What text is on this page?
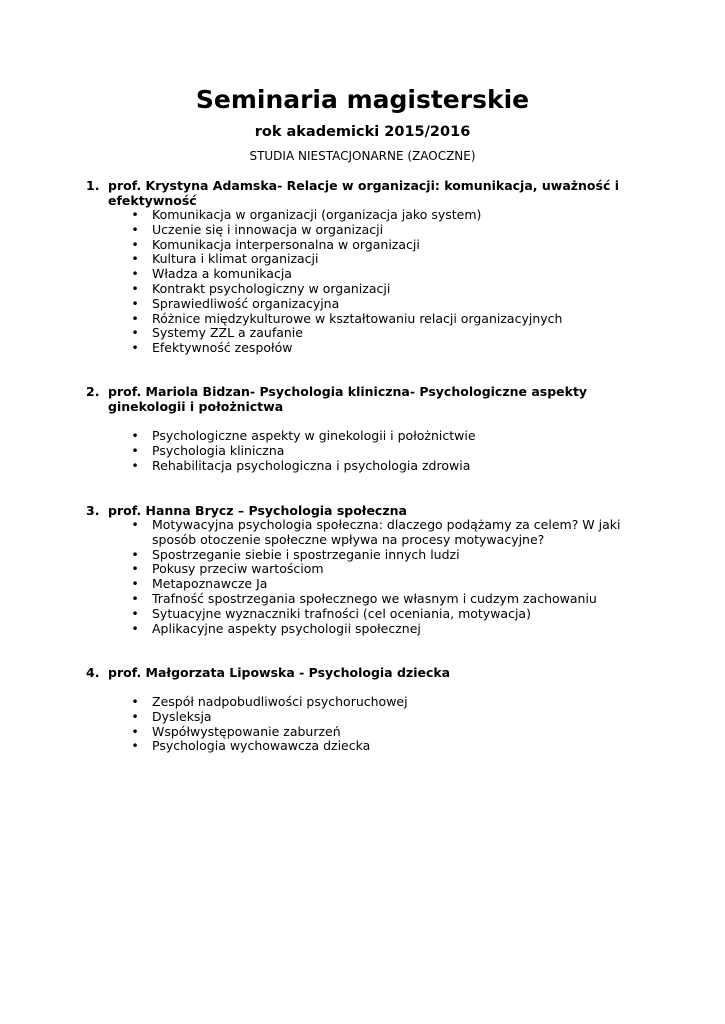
Seminaria magisterskie
rok akademicki 2015/2016
STUDIA NIESTACJONARNE (ZAOCZNE)

1. prof. Krystyna Adamska- Relacje w organizacji: komunikacja, uważność i efektywność

• Komunikacja w organizacji (organizacja jako system)
• Uczenie się i innowacja w organizacji
• Komunikacja interpersonalna w organizacji
• Kultura i klimat organizacji
• Władza a komunikacja
• Kontrakt psychologiczny w organizacji
• Sprawiedliwość organizacyjna
• Różnice międzykulturowe w kształtowaniu relacji organizacyjnych
• Systemy ZZL a zaufanie
• Efektywność zespołów

2. prof. Mariola Bidzan- Psychologia kliniczna- Psychologiczne aspekty ginekologii i położnictwa

• Psychologiczne aspekty w ginekologii i położnictwie
• Psychologia kliniczna
• Rehabilitacja psychologiczna i psychologia zdrowia

3. prof. Hanna Brycz – Psychologia społeczna

• Motywacyjna psychologia społeczna: dlaczego podążamy za celem? W jaki sposób otoczenie społeczne wpływa na procesy motywacyjne?
• Spostrzeganie siebie i spostrzeganie innych ludzi
• Pokusy przeciw wartościom
• Metapoznawcze Ja
• Trafność spostrzegania społecznego we własnym i cudzym zachowaniu
• Sytuacyjne wyznaczniki trafności (cel oceniania, motywacja)
• Aplikacyjne aspekty psychologii społecznej

4. prof. Małgorzata Lipowska - Psychologia dziecka

• Zespół nadpobudliwości psychoruchowej
• Dysleksja
• Współwystępowanie zaburzeń
• Psychologia wychowawcza dziecka
